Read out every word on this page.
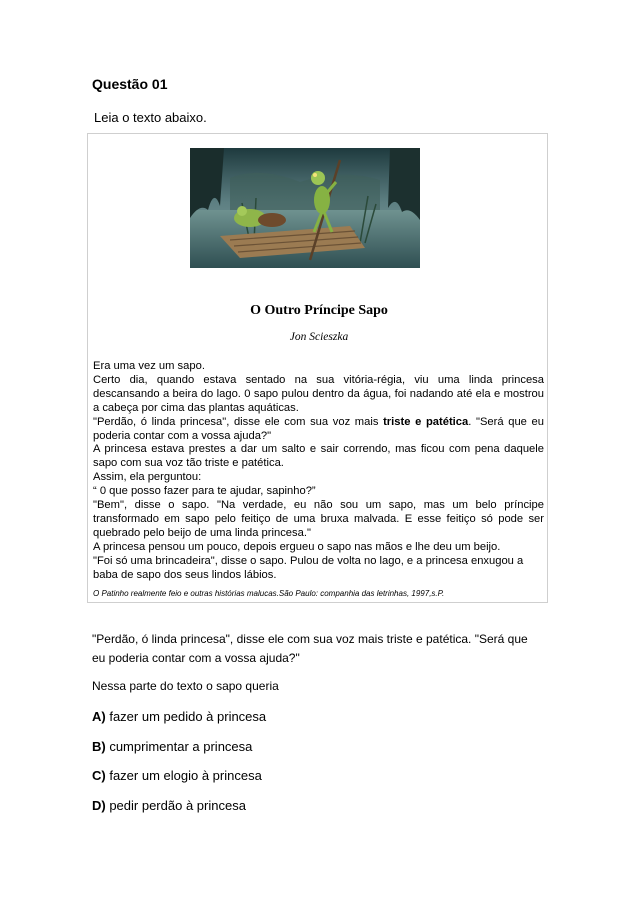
Questão 01
Leia o texto abaixo.
O Outro Príncipe Sapo
Jon Scieszka

Era uma vez um sapo.

Certo dia, quando estava sentado na sua vitória-régia, viu uma linda princesa descansando a beira do lago. 0 sapo pulou dentro da água, foi nadando até ela e mostrou a cabeça por cima das plantas aquáticas.

"Perdão, ó linda princesa", disse ele com sua voz mais triste e patética. "Será que eu poderia contar com a vossa ajuda?"

A princesa estava prestes a dar um salto e sair correndo, mas ficou com pena daquele sapo com sua voz tão triste e patética.

Assim, ela perguntou:

“ 0 que posso fazer para te ajudar, sapinho?”

"Bem", disse o sapo. "Na verdade, eu não sou um sapo, mas um belo príncipe transformado em sapo pelo feitiço de uma bruxa malvada. E esse feitiço só pode ser quebrado pelo beijo de uma linda princesa."

A princesa pensou um pouco, depois ergueu o sapo nas mãos e lhe deu um beijo.

"Foi só uma brincadeira", disse o sapo. Pulou de volta no lago, e a princesa enxugou a baba de sapo dos seus lindos lábios.

O Patinho realmente feio e outras histórias malucas.São Paulo: companhia das letrinhas, 1997,s.P.
"Perdão, ó linda princesa", disse ele com sua voz mais triste e patética. "Será que eu poderia contar com a vossa ajuda?"
Nessa parte do texto o sapo queria
A) fazer um pedido à princesa
B) cumprimentar a princesa
C) fazer um elogio à princesa
D) pedir perdão à princesa
